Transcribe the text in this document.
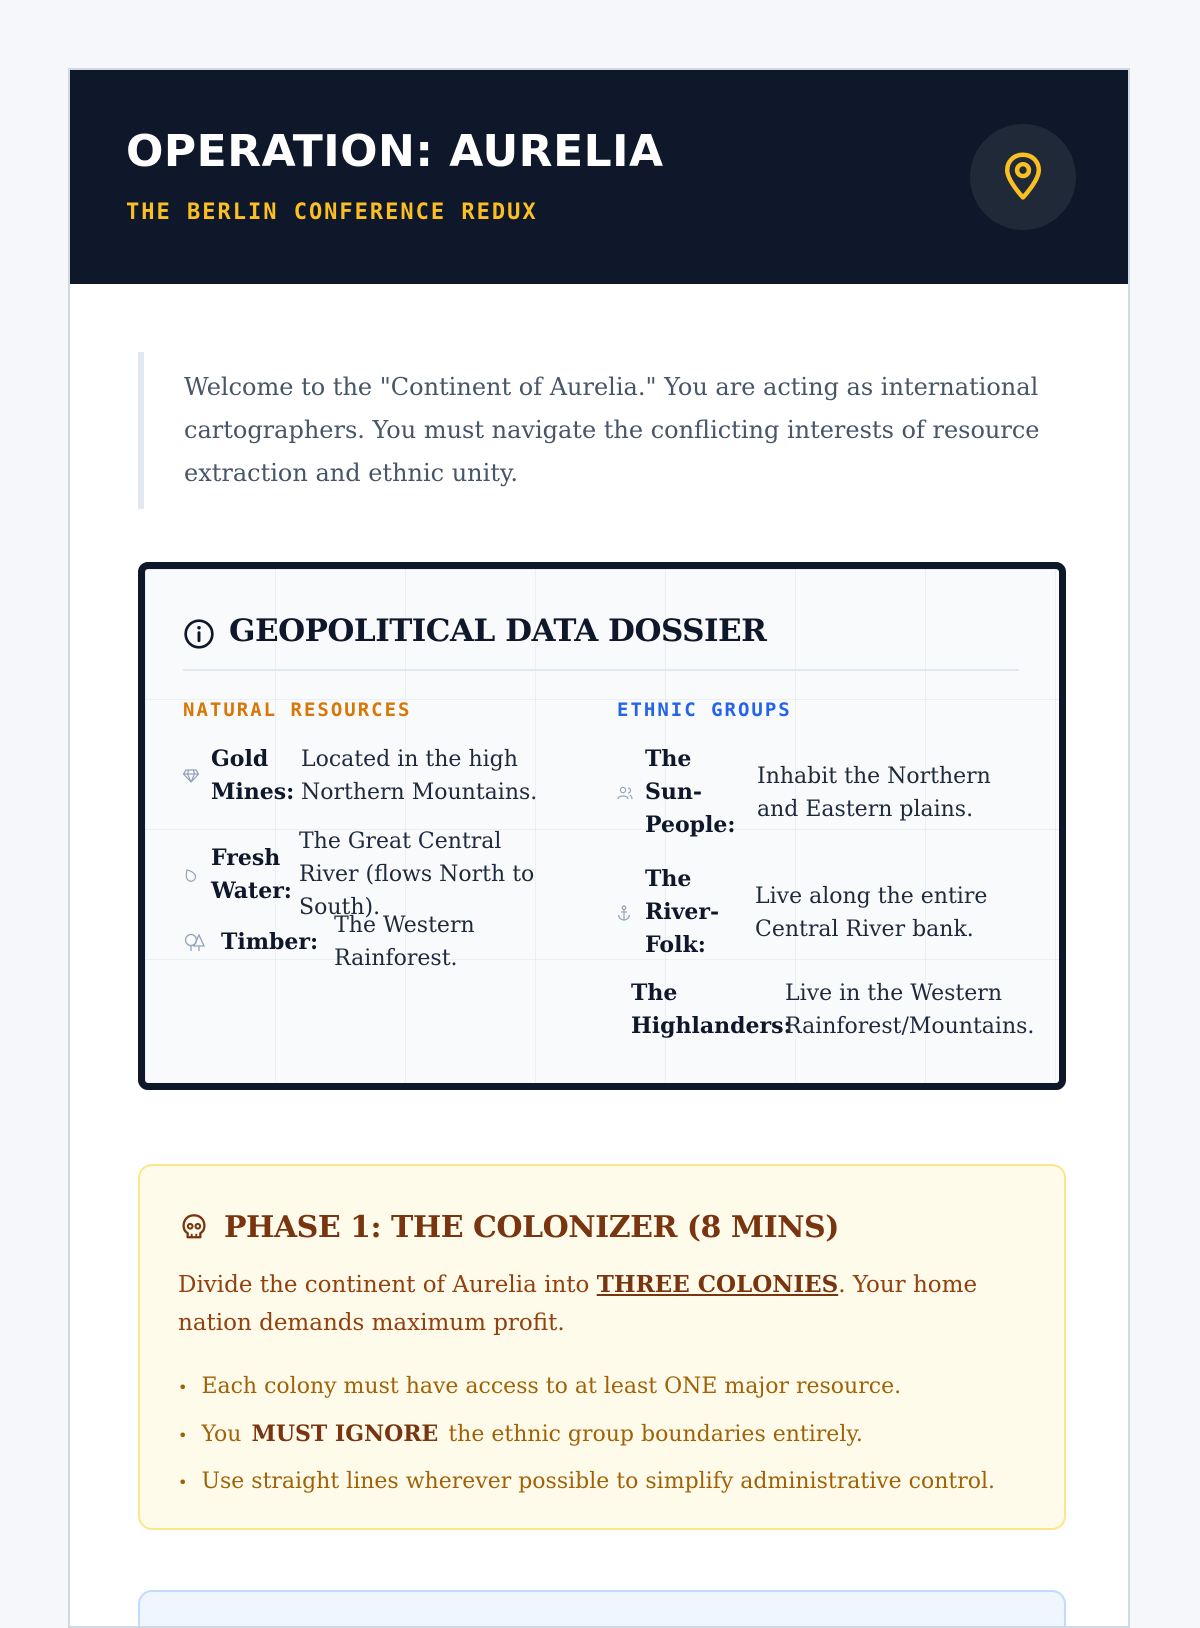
OPERATION: AURELIA
THE BERLIN CONFERENCE REDUX
Welcome to the "Continent of Aurelia." You are acting as international cartographers. You must navigate the conflicting interests of resource extraction and ethnic unity.
GEOPOLITICAL DATA DOSSIER
NATURAL RESOURCES	ETHNIC GROUPS
Gold Mines:
Located in the high Northern Mountains.
Fresh Water:
The Great Central River (flows North to South).
Timber:
The Western Rainforest.
The Sun-People:
Inhabit the Northern and Eastern plains.
The River-Folk:
Live along the entire Central River bank.
The Highlanders:
Live in the Western Rainforest/Mountains.
PHASE 1: THE COLONIZER (8 MINS)
Divide the continent of Aurelia into THREE COLONIES. Your home nation demands maximum profit.
• Each colony must have access to at least ONE major resource.
• You MUST IGNORE the ethnic group boundaries entirely.
• Use straight lines wherever possible to simplify administrative control.
